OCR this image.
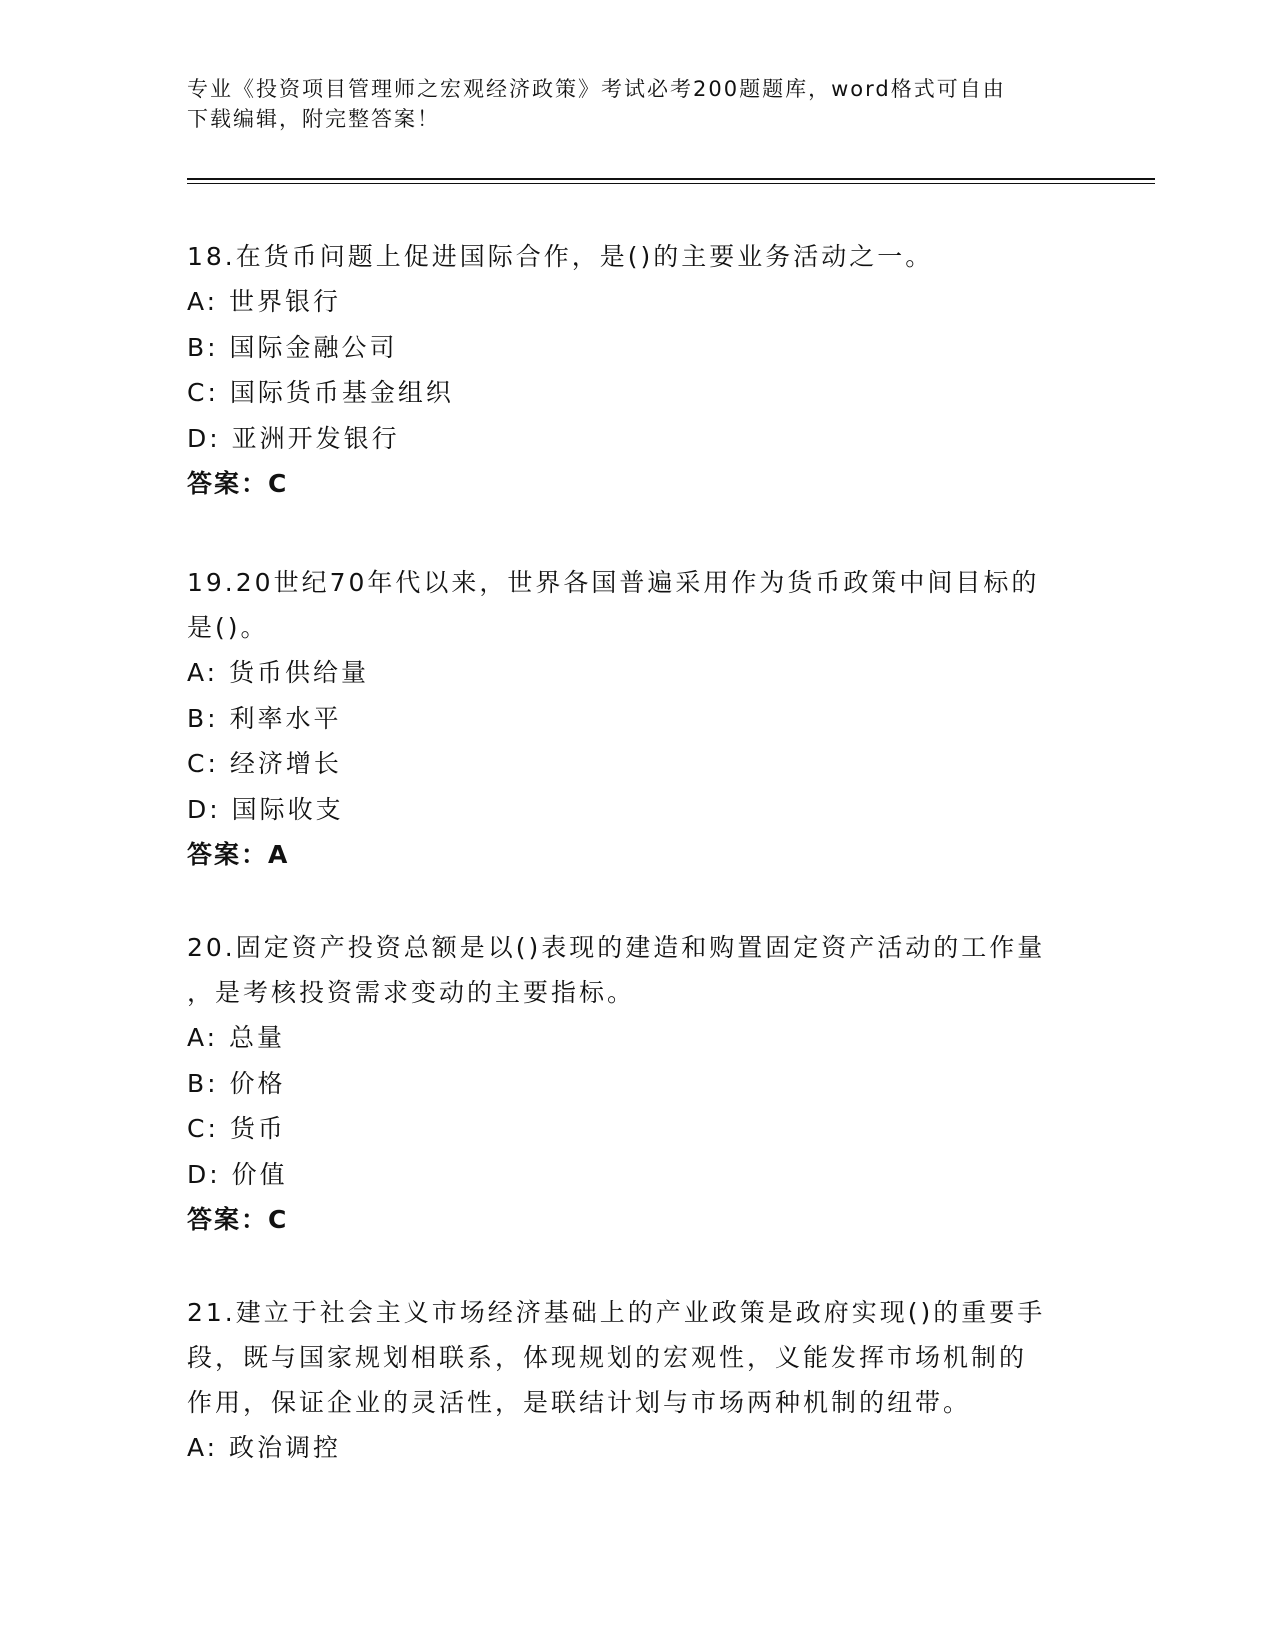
专业《投资项目管理师之宏观经济政策》考试必考200题题库，word格式可自由
下载编辑，附完整答案！
18.在货币问题上促进国际合作，是()的主要业务活动之一。
A: 世界银行
B: 国际金融公司
C: 国际货币基金组织
D: 亚洲开发银行
答案：C
19.20世纪70年代以来，世界各国普遍采用作为货币政策中间目标的
是()。
A: 货币供给量
B: 利率水平
C: 经济增长
D: 国际收支
答案：A
20.固定资产投资总额是以()表现的建造和购置固定资产活动的工作量
，是考核投资需求变动的主要指标。
A: 总量
B: 价格
C: 货币
D: 价值
答案：C
21.建立于社会主义市场经济基础上的产业政策是政府实现()的重要手
段，既与国家规划相联系，体现规划的宏观性，义能发挥市场机制的
作用，保证企业的灵活性，是联结计划与市场两种机制的纽带。
A: 政治调控
